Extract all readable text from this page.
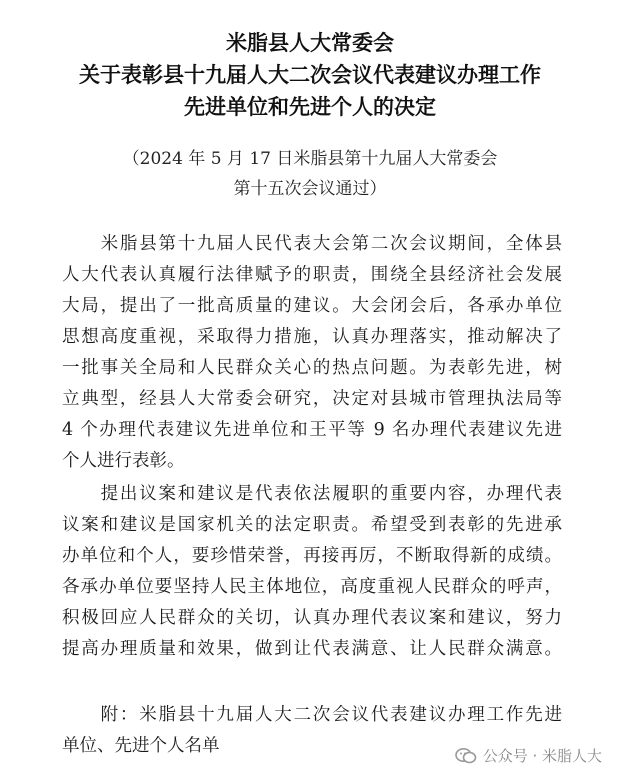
米脂县人大常委会
关于表彰县十九届人大二次会议代表建议办理工作
先进单位和先进个人的决定
（2024 年 5 月 17 日米脂县第十九届人大常委会
第十五次会议通过）
　　米脂县第十九届人民代表大会第二次会议期间，全体县
人大代表认真履行法律赋予的职责，围绕全县经济社会发展
大局，提出了一批高质量的建议。大会闭会后，各承办单位
思想高度重视，采取得力措施，认真办理落实，推动解决了
一批事关全局和人民群众关心的热点问题。为表彰先进，树
立典型，经县人大常委会研究，决定对县城市管理执法局等
4 个办理代表建议先进单位和王平等 9 名办理代表建议先进
个人进行表彰。
　　提出议案和建议是代表依法履职的重要内容，办理代表
议案和建议是国家机关的法定职责。希望受到表彰的先进承
办单位和个人，要珍惜荣誉，再接再厉，不断取得新的成绩。
各承办单位要坚持人民主体地位，高度重视人民群众的呼声，
积极回应人民群众的关切，认真办理代表议案和建议，努力
提高办理质量和效果，做到让代表满意、让人民群众满意。
　　附：米脂县十九届人大二次会议代表建议办理工作先进
单位、先进个人名单	公众号 · 米脂人大
